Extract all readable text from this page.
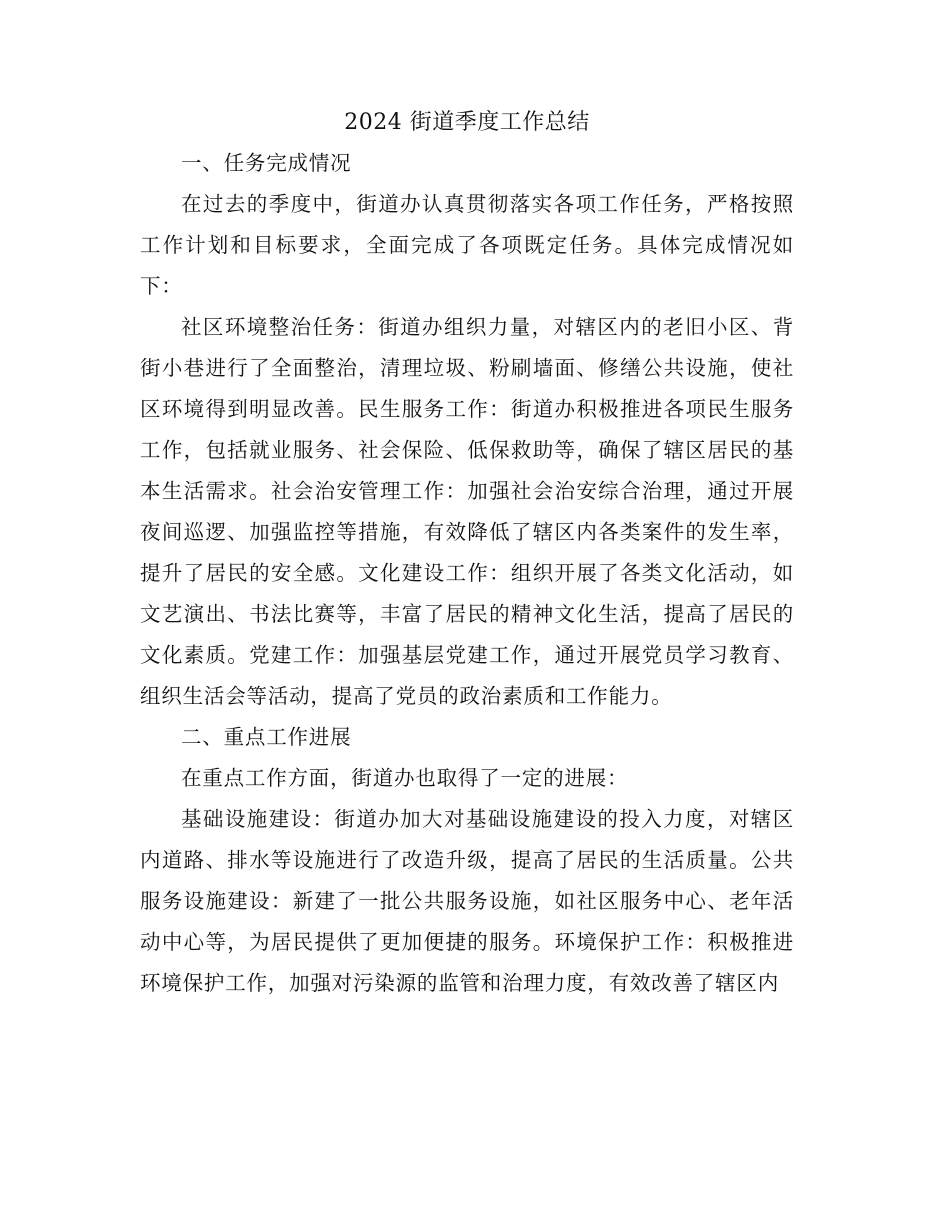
2024 街道季度工作总结

一、任务完成情况

在过去的季度中，街道办认真贯彻落实各项工作任务，严格按照工作计划和目标要求，全面完成了各项既定任务。具体完成情况如下：

社区环境整治任务：街道办组织力量，对辖区内的老旧小区、背街小巷进行了全面整治，清理垃圾、粉刷墙面、修缮公共设施，使社区环境得到明显改善。民生服务工作：街道办积极推进各项民生服务工作，包括就业服务、社会保险、低保救助等，确保了辖区居民的基本生活需求。社会治安管理工作：加强社会治安综合治理，通过开展夜间巡逻、加强监控等措施，有效降低了辖区内各类案件的发生率，提升了居民的安全感。文化建设工作：组织开展了各类文化活动，如文艺演出、书法比赛等，丰富了居民的精神文化生活，提高了居民的文化素质。党建工作：加强基层党建工作，通过开展党员学习教育、组织生活会等活动，提高了党员的政治素质和工作能力。

二、重点工作进展

在重点工作方面，街道办也取得了一定的进展：

基础设施建设：街道办加大对基础设施建设的投入力度，对辖区内道路、排水等设施进行了改造升级，提高了居民的生活质量。公共服务设施建设：新建了一批公共服务设施，如社区服务中心、老年活动中心等，为居民提供了更加便捷的服务。环境保护工作：积极推进环境保护工作，加强对污染源的监管和治理力度，有效改善了辖区内
